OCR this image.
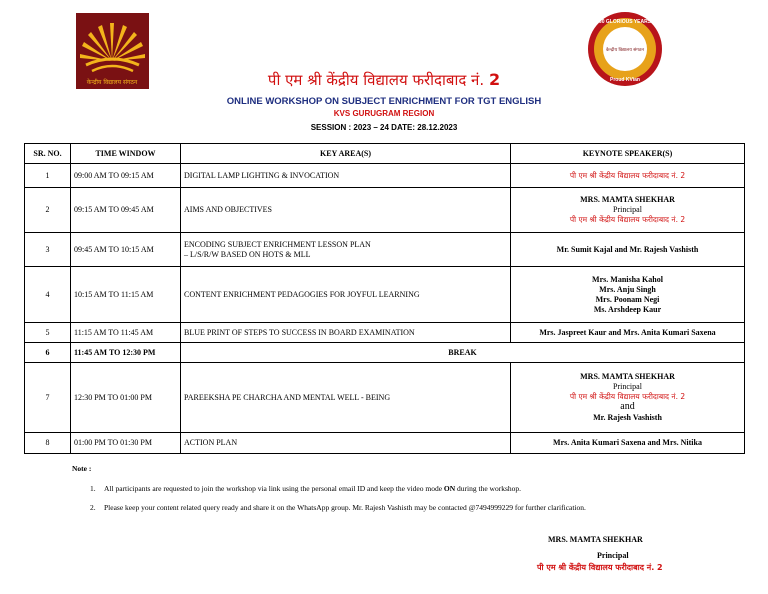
केन्द्रीय विद्यालय संगठन
60 GLORIOUS YEARS
केन्द्रीय विद्यालय संगठन
Proud KVian
पी एम श्री केंद्रीय विद्यालय फरीदाबाद नं. 2
ONLINE WORKSHOP ON SUBJECT ENRICHMENT FOR TGT ENGLISH
KVS GURUGRAM REGION
SESSION : 2023 – 24 DATE: 28.12.2023
SR. NO.	TIME WINDOW	KEY AREA(S)	KEYNOTE SPEAKER(S)
1	09:00 AM TO 09:15 AM	DIGITAL LAMP LIGHTING & INVOCATION	पी एम श्री केंद्रीय विद्यालय फरीदाबाद नं. 2
2	09:15 AM TO 09:45 AM	AIMS AND OBJECTIVES	MRS. MAMTA SHEKHAR
Principal
पी एम श्री केंद्रीय विद्यालय फरीदाबाद नं. 2

3	09:45 AM TO 10:15 AM	ENCODING SUBJECT ENRICHMENT LESSON PLAN
– L/S/R/W BASED ON HOTS & MLL	Mr. Sumit Kajal and Mr. Rajesh Vashisth
4	10:15 AM TO 11:15 AM	CONTENT ENRICHMENT PEDAGOGIES FOR JOYFUL LEARNING	Mrs. Manisha Kahol
Mrs. Anju Singh
Mrs. Poonam Negi
Ms. Arshdeep Kaur

5	11:15 AM TO 11:45 AM	BLUE PRINT OF STEPS TO SUCCESS IN BOARD EXAMINATION	Mrs. Jaspreet Kaur and Mrs. Anita Kumari Saxena
6	11:45 AM TO 12:30 PM	BREAK	
7	12:30 PM TO 01:00 PM	PAREEKSHA PE CHARCHA AND MENTAL WELL - BEING	MRS. MAMTA SHEKHAR
Principal
पी एम श्री केंद्रीय विद्यालय फरीदाबाद नं. 2
and
Mr. Rajesh Vashisth

8	01:00 PM TO 01:30 PM	ACTION PLAN	Mrs. Anita Kumari Saxena and Mrs. Nitika
Note :
1. All participants are requested to join the workshop via link using the personal email ID and keep the video mode ON during the workshop.
2. Please keep your content related query ready and share it on the WhatsApp group. Mr. Rajesh Vashisth may be contacted @7494999229 for further clarification.
MRS. MAMTA SHEKHAR
Principal
पी एम श्री केंद्रीय विद्यालय फरीदाबाद नं. 2
